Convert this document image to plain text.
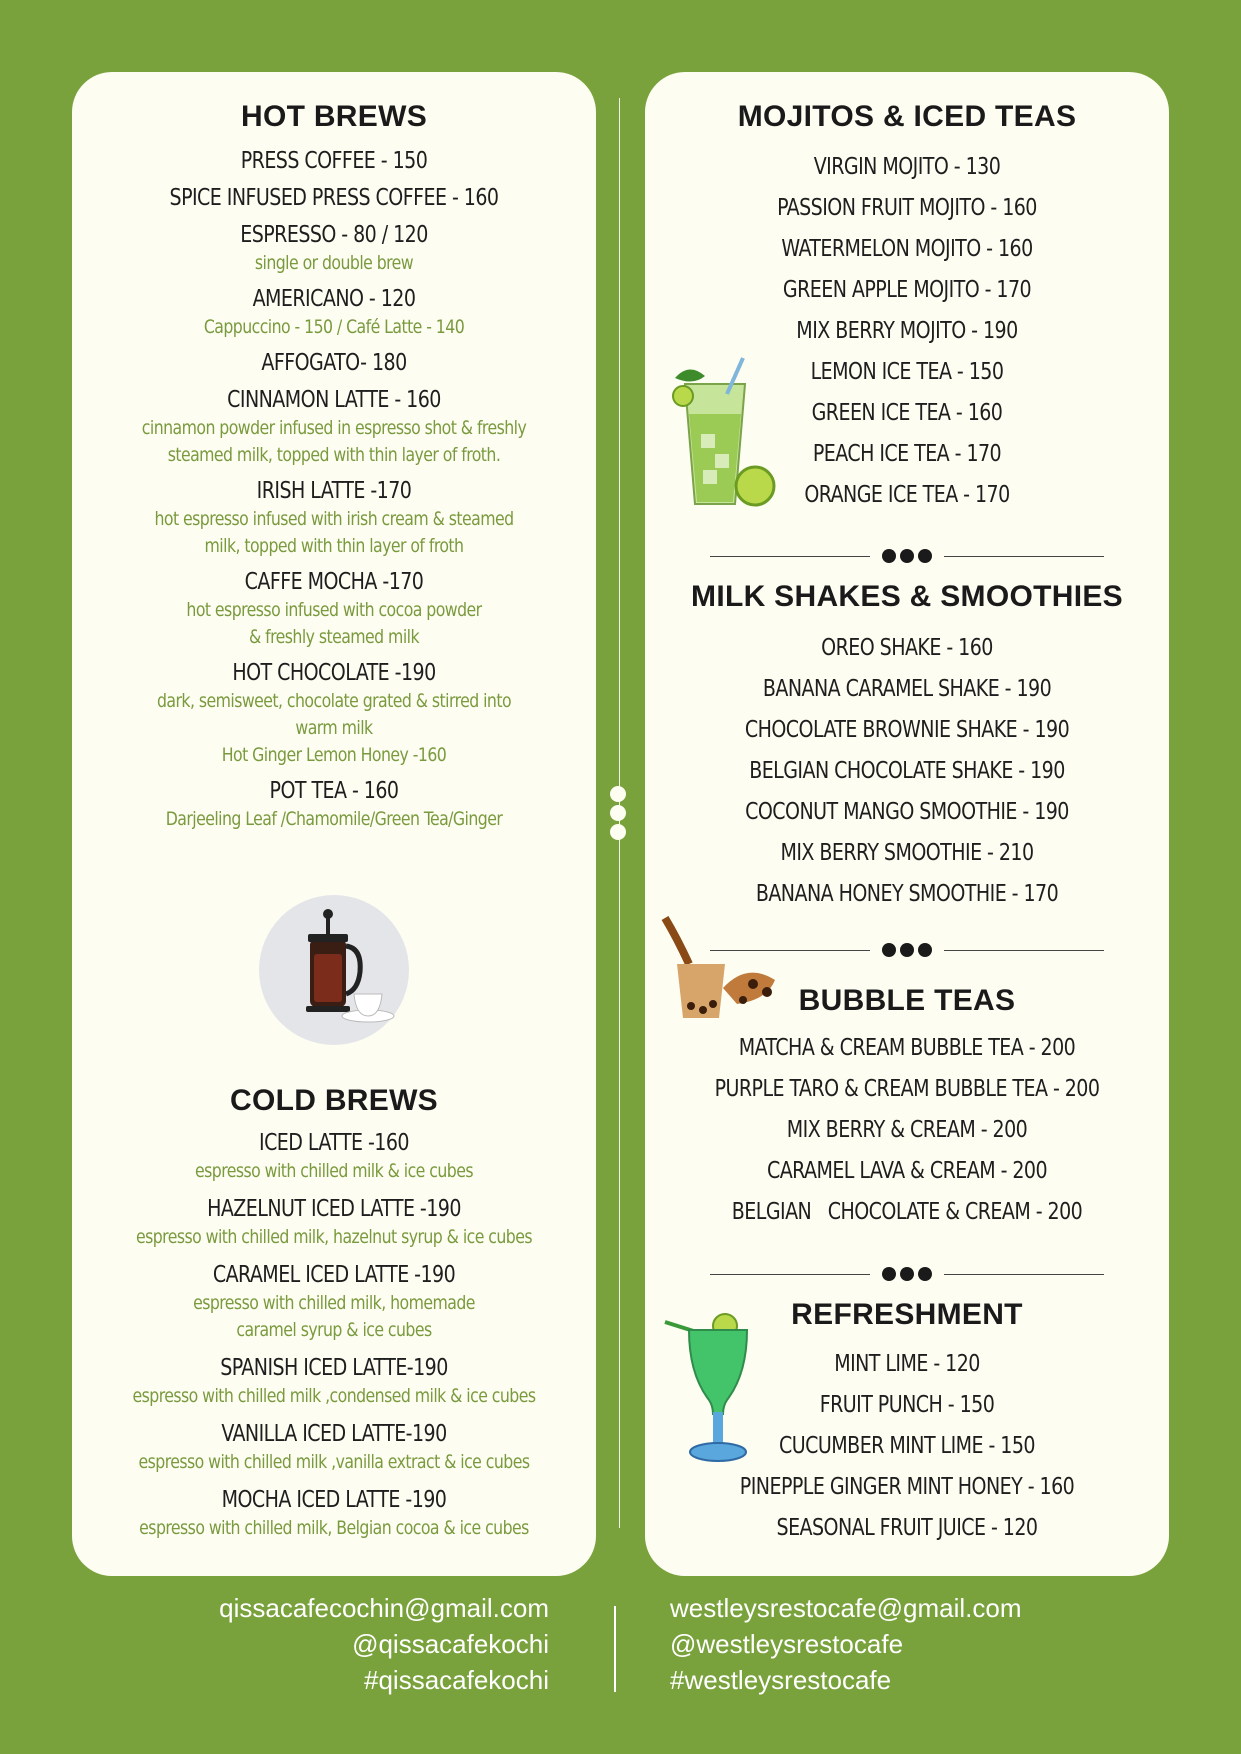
HOT BREWS
PRESS COFFEE - 150
SPICE INFUSED PRESS COFFEE - 160
ESPRESSO - 80 / 120
single or double brew
AMERICANO - 120
Cappuccino - 150 / Café Latte - 140
AFFOGATO- 180
CINNAMON LATTE - 160
cinnamon powder infused in espresso shot & freshly
steamed milk, topped with thin layer of froth.
IRISH LATTE -170
hot espresso infused with irish cream & steamed
milk, topped with thin layer of froth
CAFFE MOCHA -170
hot espresso infused with cocoa powder
& freshly steamed milk
HOT CHOCOLATE -190
dark, semisweet, chocolate grated & stirred into
warm milk
Hot Ginger Lemon Honey -160
POT TEA - 160
Darjeeling Leaf /Chamomile/Green Tea/Ginger
COLD BREWS
ICED LATTE -160
espresso with chilled milk & ice cubes
HAZELNUT ICED LATTE -190
espresso with chilled milk, hazelnut syrup & ice cubes
CARAMEL ICED LATTE -190
espresso with chilled milk, homemade
caramel syrup & ice cubes
SPANISH ICED LATTE-190
espresso with chilled milk ,condensed milk & ice cubes
VANILLA ICED LATTE-190
espresso with chilled milk ,vanilla extract & ice cubes
MOCHA ICED LATTE -190
espresso with chilled milk, Belgian cocoa & ice cubes
MOJITOS & ICED TEAS
VIRGIN MOJITO - 130
PASSION FRUIT MOJITO - 160
WATERMELON MOJITO - 160
GREEN APPLE MOJITO - 170
MIX BERRY MOJITO - 190
LEMON ICE TEA - 150
GREEN ICE TEA - 160
PEACH ICE TEA - 170
ORANGE ICE TEA - 170
MILK SHAKES & SMOOTHIES
OREO SHAKE - 160
BANANA CARAMEL SHAKE - 190
CHOCOLATE BROWNIE SHAKE - 190
BELGIAN CHOCOLATE SHAKE - 190
COCONUT MANGO SMOOTHIE - 190
MIX BERRY SMOOTHIE - 210
BANANA HONEY SMOOTHIE - 170
BUBBLE TEAS
MATCHA & CREAM BUBBLE TEA - 200
PURPLE TARO & CREAM BUBBLE TEA - 200
MIX BERRY & CREAM - 200
CARAMEL LAVA & CREAM - 200
BELGIAN   CHOCOLATE & CREAM - 200
REFRESHMENT
MINT LIME - 120
FRUIT PUNCH - 150
CUCUMBER MINT LIME - 150
PINEPPLE GINGER MINT HONEY - 160
SEASONAL FRUIT JUICE - 120
qissacafecochin@gmail.com
@qissacafekochi
#qissacafekochi
westleysrestocafe@gmail.com
@westleysrestocafe
#westleysrestocafe
